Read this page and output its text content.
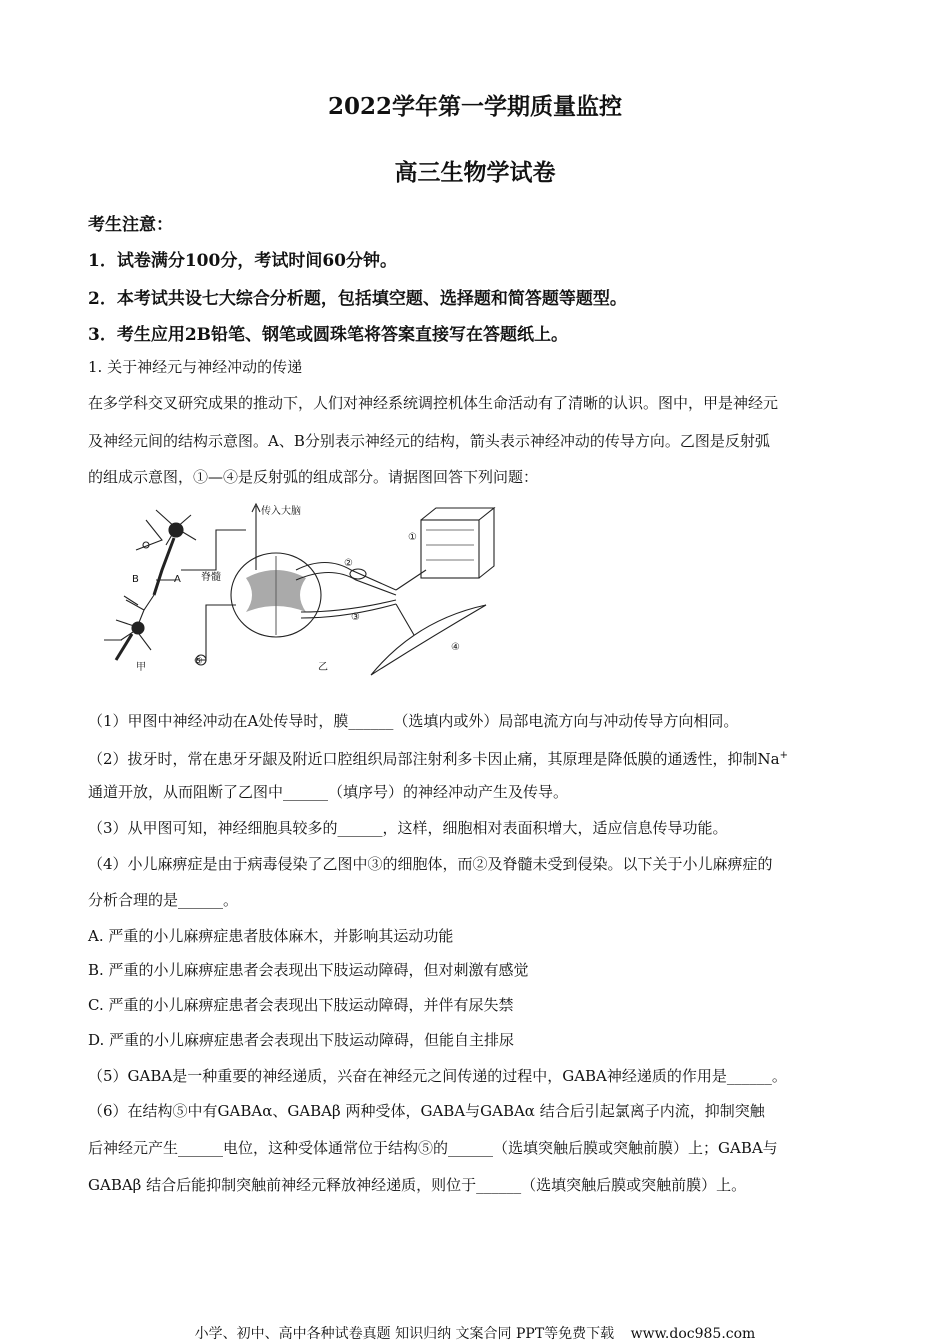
2022学年第一学期质量监控
高三生物学试卷
考生注意：
1．试卷满分100分，考试时间60分钟。
2．本考试共设七大综合分析题，包括填空题、选择题和简答题等题型。
3．考生应用2B铅笔、钢笔或圆珠笔将答案直接写在答题纸上。
1. 关于神经元与神经冲动的传递
在多学科交叉研究成果的推动下，人们对神经系统调控机体生命活动有了清晰的认识。图中，甲是神经元
及神经元间的结构示意图。A、B分别表示神经元的结构，箭头表示神经冲动的传导方向。乙图是反射弧
的组成示意图，①—④是反射弧的组成部分。请据图回答下列问题：
传入大脑
脊髓
A
B
甲	乙
①
②
③
④
⑤
（1）甲图中神经冲动在A处传导时，膜______（选填内或外）局部电流方向与冲动传导方向相同。
（2）拔牙时，常在患牙牙龈及附近口腔组织局部注射利多卡因止痛，其原理是降低膜的通透性，抑制Na+
通道开放，从而阻断了乙图中______（填序号）的神经冲动产生及传导。
（3）从甲图可知，神经细胞具较多的______，这样，细胞相对表面积增大，适应信息传导功能。
（4）小儿麻痹症是由于病毒侵染了乙图中③的细胞体，而②及脊髓未受到侵染。以下关于小儿麻痹症的
分析合理的是______。
A. 严重的小儿麻痹症患者肢体麻木，并影响其运动功能
B. 严重的小儿麻痹症患者会表现出下肢运动障碍，但对刺激有感觉
C. 严重的小儿麻痹症患者会表现出下肢运动障碍，并伴有尿失禁
D. 严重的小儿麻痹症患者会表现出下肢运动障碍，但能自主排尿
（5）GABA是一种重要的神经递质，兴奋在神经元之间传递的过程中，GABA神经递质的作用是______。
（6）在结构⑤中有GABAα、GABAβ 两种受体，GABA与GABAα 结合后引起氯离子内流，抑制突触
后神经元产生______电位，这种受体通常位于结构⑤的______（选填突触后膜或突触前膜）上；GABA与
GABAβ 结合后能抑制突触前神经元释放神经递质，则位于______（选填突触后膜或突触前膜）上。
小学、初中、高中各种试卷真题 知识归纳 文案合同 PPT等免费下载 www.doc985.com
